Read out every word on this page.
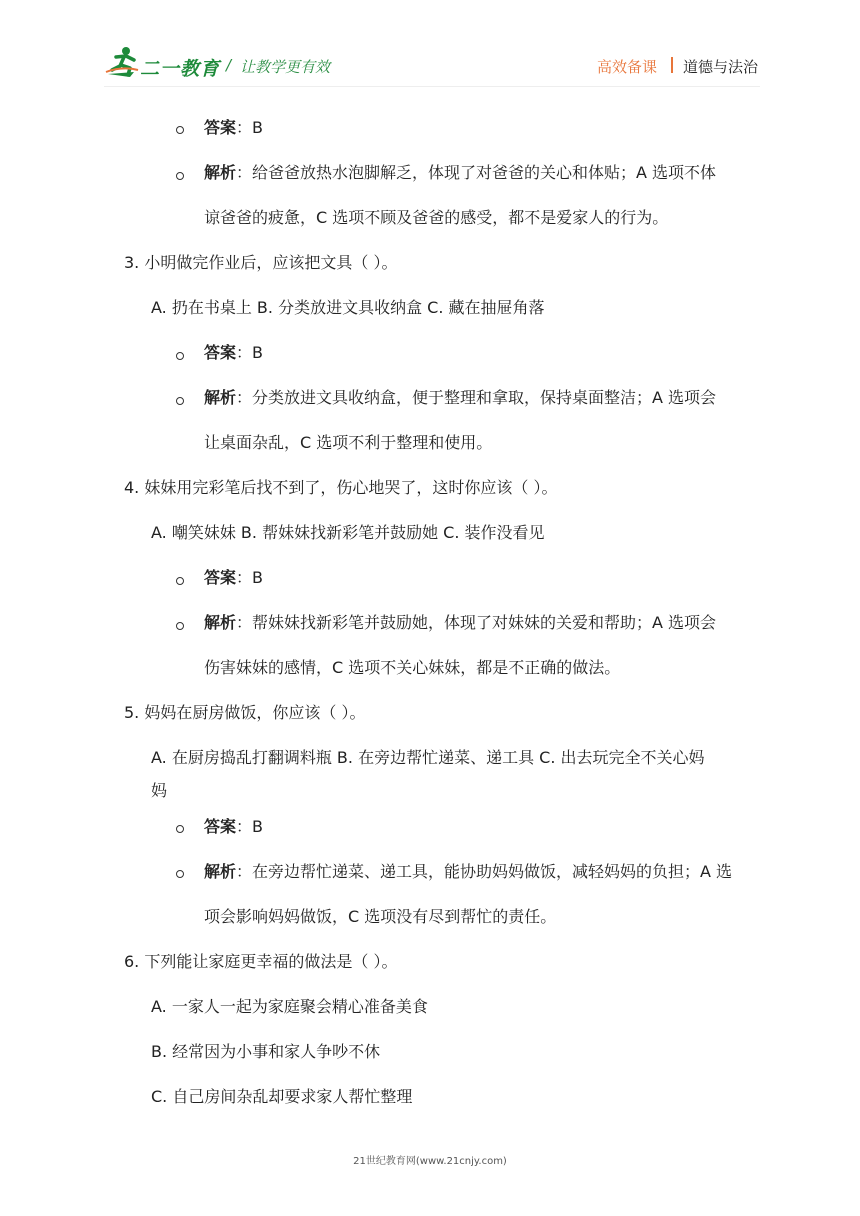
二一教育 / 让教学更有效	高效备课 道德与法治
答案：B
解析：给爸爸放热水泡脚解乏，体现了对爸爸的关心和体贴；A 选项不体
谅爸爸的疲惫，C 选项不顾及爸爸的感受，都不是爱家人的行为。
3. 小明做完作业后，应该把文具（ ）。
A. 扔在书桌上 B. 分类放进文具收纳盒 C. 藏在抽屉角落
答案：B
解析：分类放进文具收纳盒，便于整理和拿取，保持桌面整洁；A 选项会
让桌面杂乱，C 选项不利于整理和使用。
4. 妹妹用完彩笔后找不到了，伤心地哭了，这时你应该（ ）。
A. 嘲笑妹妹 B. 帮妹妹找新彩笔并鼓励她 C. 装作没看见
答案：B
解析：帮妹妹找新彩笔并鼓励她，体现了对妹妹的关爱和帮助；A 选项会
伤害妹妹的感情，C 选项不关心妹妹，都是不正确的做法。
5. 妈妈在厨房做饭，你应该（ ）。
A. 在厨房捣乱打翻调料瓶 B. 在旁边帮忙递菜、递工具 C. 出去玩完全不关心妈
妈
答案：B
解析：在旁边帮忙递菜、递工具，能协助妈妈做饭，减轻妈妈的负担；A 选
项会影响妈妈做饭，C 选项没有尽到帮忙的责任。
6. 下列能让家庭更幸福的做法是（ ）。
A. 一家人一起为家庭聚会精心准备美食
B. 经常因为小事和家人争吵不休
C. 自己房间杂乱却要求家人帮忙整理
21世纪教育网(www.21cnjy.com)
